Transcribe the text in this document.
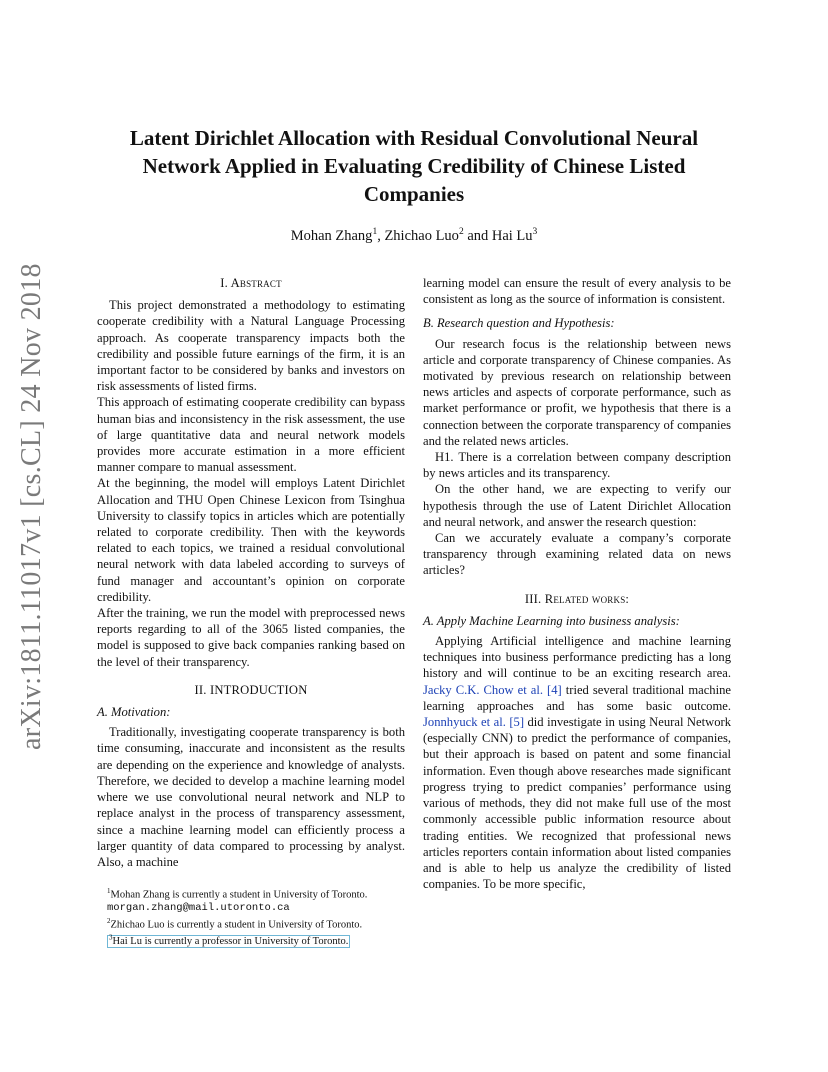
arXiv:1811.11017v1 [cs.CL] 24 Nov 2018
Latent Dirichlet Allocation with Residual Convolutional Neural Network Applied in Evaluating Credibility of Chinese Listed Companies
Mohan Zhang$^1$, Zhichao Luo$^2$ and Hai Lu$^3$
I. Abstract

This project demonstrated a methodology to estimating cooperate credibility with a Natural Language Processing approach. As cooperate transparency impacts both the credibility and possible future earnings of the firm, it is an important factor to be considered by banks and investors on risk assessments of listed firms.

This approach of estimating cooperate credibility can bypass human bias and inconsistency in the risk assessment, the use of large quantitative data and neural network models provides more accurate estimation in a more efficient manner compare to manual assessment.

At the beginning, the model will employs Latent Dirichlet Allocation and THU Open Chinese Lexicon from Tsinghua University to classify topics in articles which are potentially related to corporate credibility. Then with the keywords related to each topics, we trained a residual convolutional neural network with data labeled according to surveys of fund manager and accountant’s opinion on corporate credibility.

After the training, we run the model with preprocessed news reports regarding to all of the 3065 listed companies, the model is supposed to give back companies ranking based on the level of their transparency.

II. INTRODUCTION
A. Motivation:

Traditionally, investigating cooperate transparency is both time consuming, inaccurate and inconsistent as the results are depending on the experience and knowledge of analysts. Therefore, we decided to develop a machine learning model where we use convolutional neural network and NLP to replace analyst in the process of transparency assessment, since a machine learning model can efficiently process a larger quantity of data compared to processing by analyst. Also, a machine

learning model can ensure the result of every analysis to be consistent as long as the source of information is consistent.

B. Research question and Hypothesis:

Our research focus is the relationship between news article and corporate transparency of Chinese companies. As motivated by previous research on relationship between news articles and aspects of corporate performance, such as market performance or profit, we hypothesis that there is a connection between the corporate transparency of companies and the related news articles.

H1. There is a correlation between company description by news articles and its transparency.

On the other hand, we are expecting to verify our hypothesis through the use of Latent Dirichlet Allocation and neural network, and answer the research question:

Can we accurately evaluate a company’s corporate transparency through examining related data on news articles?

III. Related works:
A. Apply Machine Learning into business analysis:

Applying Artificial intelligence and machine learning techniques into business performance predicting has a long history and will continue to be an exciting research area. Jacky C.K. Chow et al. [4] tried several traditional machine learning approaches and has some basic outcome. Jonnhyuck et al. [5] did investigate in using Neural Network (especially CNN) to predict the performance of companies, but their approach is based on patent and some financial information. Even though above researches made significant progress trying to predict companies’ performance using various of methods, they did not make full use of the most commonly accessible public information resource about trading entities. We recognized that professional news articles reporters contain information about listed companies and is able to help us analyze the credibility of listed companies. To be more specific,

$^1$Mohan Zhang is currently a student in University of Toronto.

morgan.zhang@mail.utoronto.ca

$^2$Zhichao Luo is currently a student in University of Toronto.

$^3$Hai Lu is currently a professor in University of Toronto.
